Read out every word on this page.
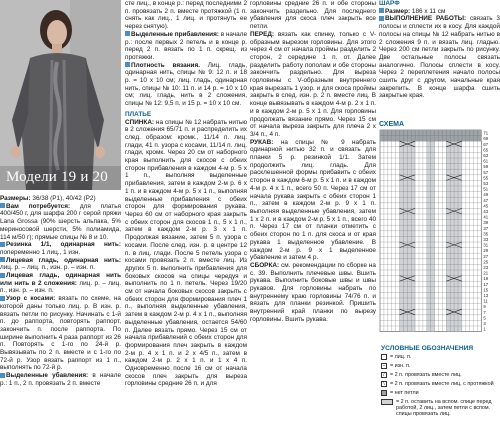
Модели 19 и 20

Размеры: 36/38 (Р1), 40/42 (Р2)

Вам потребуется: для платья 400/450 г, для шарфа 200 г серой пряжи Lana Grossa (90% шерсть альпака, 5% мериносовой шерсти, 5% полиамида, 114 м/50 г); прямые спицы № 8 и 10.

Резинка 1/1, одинарная нить: попеременно 1 лиц., 1 изн.

Лицевая гладь, одинарная нить: лиц. р. – лиц. п., изн. р. – изн. п.

Лицевая гладь, одинарная нить или нить в 2 сложения: лиц. р. – лиц. п., изн. р. – изн. п.

Узор с косами: вязать по схеме, на которой даны только лиц. р. В изн. р. вязать петли по рисунку. Начинать с 1-й п. до раппорта, повторять раппорт, закончить п. после раппорта. По ширине выполнить 4 раза раппорт из 26 п. Повторять с 1-го по 24-й р. Вывязывать по 2 п. вместе и с 1-го по 72-й р. Узор вязать раппорт из 1 п., выполнять по 72-й р.

Выделенные убавления: в начале р.: 1 п., 2 п. провязать 2 п. вместе

сте лиц., в конце р.: перед последними 2 п. провязать 2 п. вместе протяжкой (1 п. снять как лиц., 1 лиц. и протянуть ее через снятую).

Выделенные прибавления: в начале р.: после первых 2 петель и в конце р. перед 2 п. вязать по 1 п. скрещ. из протяжки.

Плотность вязания. Лиц. гладь, одинарная нить, спицы № 9: 12 п. и 18 р. = 10 х 10 см; лиц. гладь, одинарная нить, спицы № 10: 11 п. и 14 р. = 10 х 10 см; лиц. гладь, нить в 2 сложения, спицы № 12: 9,5 п. и 15 р. = 10 х 10 см.

ПЛАТЬЕ

СПИНКА: на спицы № 12 набрать нитью в 2 сложения 65/71 п. и распределить их след. образом: кромк., 11/14 п. лиц. глади, 41 п. узора с косами, 11/14 п. лиц. глади, кромк. Через 20 см от наборного края выполнить для скосов с обеих сторон прибавления в каждом 4-м р. 5 х 1 п., выполняя выделенные прибавления, затем в каждом 2-м р. 6 х 1 п. и в каждом 4-м р. 5 х 1 п., выполняя выделенные прибавления с обеих сторон для формирования рукава. Через 60 см от наборного края закрыть с обеих сторон для скосов 1 п., 5 х 1 п., затем в каждом 2-м р. 3 х 1 п. Продолжая вязание, затем 5 п. узора с косами. После след. изн. р. в центре 12 п. в лиц. глади. После 5 петель узора с косами провязать 2 п. вместе лиц. Из других 5 п. выполнить прибавления для боковых скосов на спицы чередуя и выполнить по 1 п. петель. Через 19/20 см от начала боковых скосов закрыть с обеих сторон для формирования плеч 1 п., выполняя выделенные убавления, затем в каждом 2-м р. 4 х 1 п., выполняя выделенные убавления, остается 54/60 п. Далее вязать прямо. Через 15 см от начала прибавлений с обеих сторон для формирования плеч закрыть в каждом 2-м р. 4 х 1 п. и 2 х 4/5 п., затем в каждом 2-м р. 2 х 1 п. и 1 х 4 п. Одновременно после 16 см от начала скосов плеч закрыть для выреза горловины средние 26 п. и для

горловины средние 26 п. и обе стороны закончить раздельно. Для последнего убавления для скоса плеч закрыть все петли.

ПЕРЕД: вязать как спинку, только с V-образным вырезом горловины. Для этого через 4 см от начала проймы разделить 2 сторон, 2 середине 1 п. от. Далее разделить работу пополам и обе стороны закончить раздельно. Для выреза горловины с V-образным внутреннего края вырезать 1 узор. и для скоса проймы закрыть в след. изн. р. 2 п. вместе лиц. В конце вывязывать в каждом 4-м р. 2 х 1 п. и в каждом 2-м р. 5 х 1 п. Для горловины продолжать вязание прямо. Через 15 см от начала выреза закрыть для плеча 2 х 3/4 п., 4 п.

РУКАВ: на спицы № 9 набрать одинарной нитью 32 п. и связать для планки 5 р. резинкой 1/1. Затем продолжить лиц. гладь. Для расклешенной формы прибавить с обеих сторон в каждом 6-м р. 5 х 1 п. и в каждом 4-м р. 4 х 1 п., всего 50 п. Через 17 см от начала рукава закрыть с обеих сторон 1 п., затем в каждом 2-м р. 9 х 1 п. выполняя выделенные убавления, затем 1 х 2 п. и в каждом 2-м р. 5 х 1 п., всего 40 п. Через 17 см от планки отметить с обеих сторон по 1 п. для скоса и от края рукава 1 выделенное убавление. В каждом 2-м р. 9 х 1 выделенное убавление и затем 4 р.

СБОРКА: см. рекомендации по сборке на с. 39. Выполнить плечевые швы. Вшить рукава. Выполнить боковые швы и швы рукавов. Для горловины набрать по внутреннему краю горловины 74/76 п. и вязать для планки резинкой. Пришить внутренний край планки по вырезу горловины. Вшить рукава.

ШАРФ

Размер: 186 х 11 см

ВЫПОЛНЕНИЕ РАБОТЫ: связать 3 полосы и сплести их в косу. Для каждой полосы на спицы № 12 набрать нитью в 2 сложения 9 п. и вязать лиц. гладью. Через 200 см петли закрыть по рисунку. Две остальные полосы связать аналогично. Полосы сплести в косу. Через 2 переплетения начало полосы сшить друг с другом, начальные края закрепить. В конце шарфа сшить закрытые края.

СХЕМА
71
69
67
65
63
61
59
57
55
53
51
49
47
45
43
41
39
37
35
33
31
29
27
25
23
21
19
17
15
13
11
9
7
5
3
1
УСЛОВНЫЕ ОБОЗНАЧЕНИЯ
= лиц. п.
– = изн. п.
/ = 2 п. провязать вместе лиц.
\ = 2 п. провязать вместе лиц. с протяжкой
= нет петли
= 2 п. оставить на вспом. спице перед работой, 2 лиц., затем петли с вспом. спицы провязать лиц.
